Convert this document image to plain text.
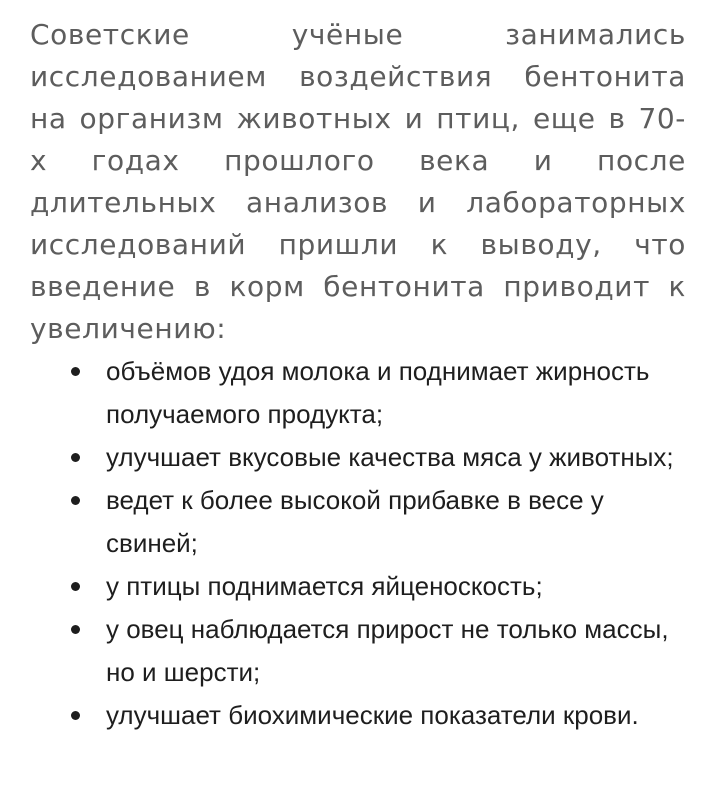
Советские учёные занимались исследованием воздействия бентонита на организм животных и птиц, еще в 70-х годах прошлого века и после длительных анализов и лабораторных исследований пришли к выводу, что введение в корм бентонита приводит к увеличению:

объёмов удоя молока и поднимает жирность получаемого продукта;
улучшает вкусовые качества мяса у животных;
ведет к более высокой прибавке в весе у свиней;
у птицы поднимается яйценоскость;
у овец наблюдается прирост не только массы, но и шерсти;
улучшает биохимические показатели крови.
